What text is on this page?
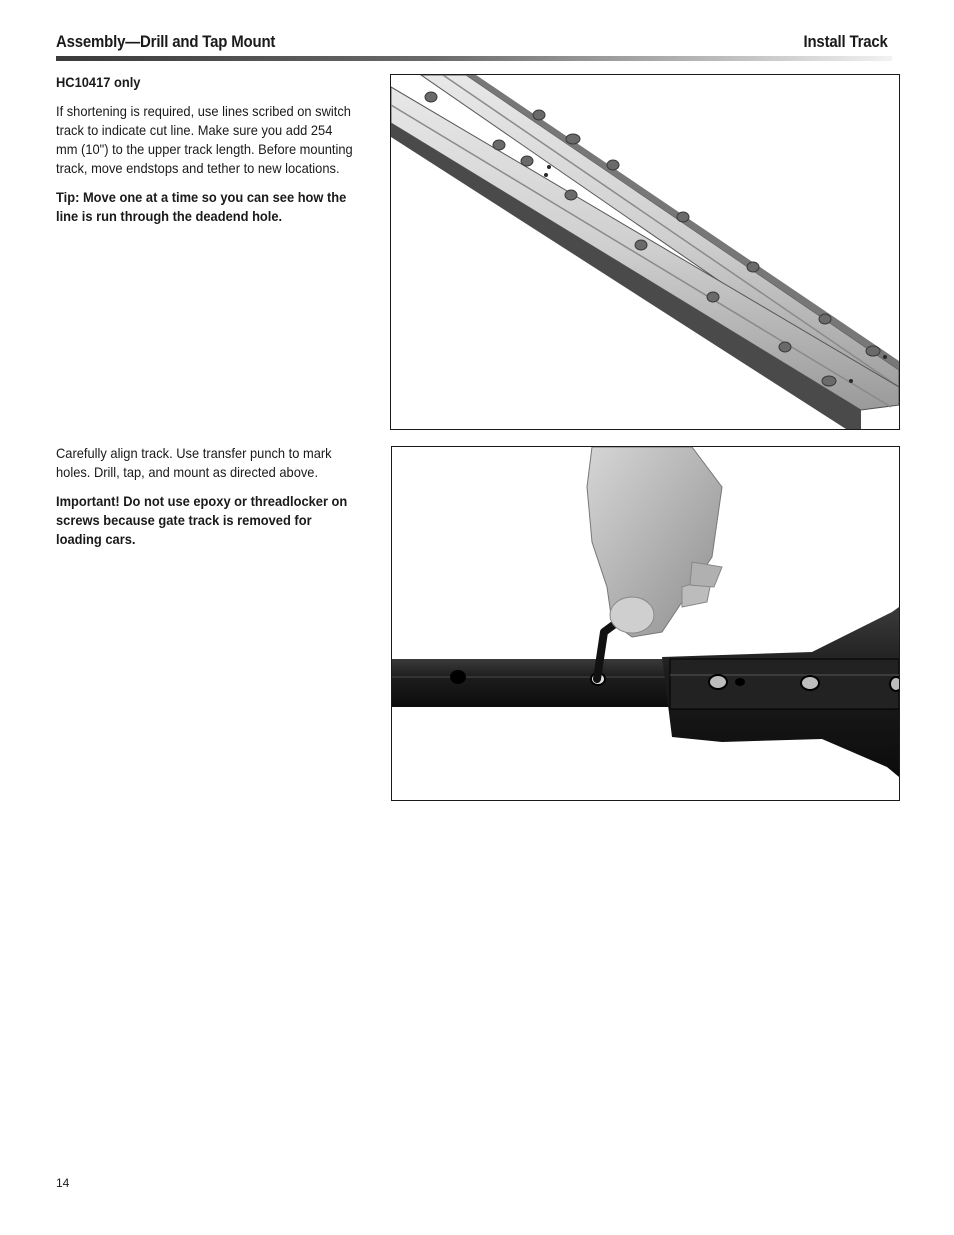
Assembly—Drill and Tap Mount	Install Track

HC10417 only

If shortening is required, use lines scribed on switch track to indicate cut line. Make sure you add 254 mm (10") to the upper track length. Before mounting track, move endstops and tether to new locations.

Tip: Move one at a time so you can see how the line is run through the deadend hole.

Carefully align track. Use transfer punch to mark holes. Drill, tap, and mount as directed above.

Important! Do not use epoxy or threadlocker on screws because gate track is removed for loading cars.

14
